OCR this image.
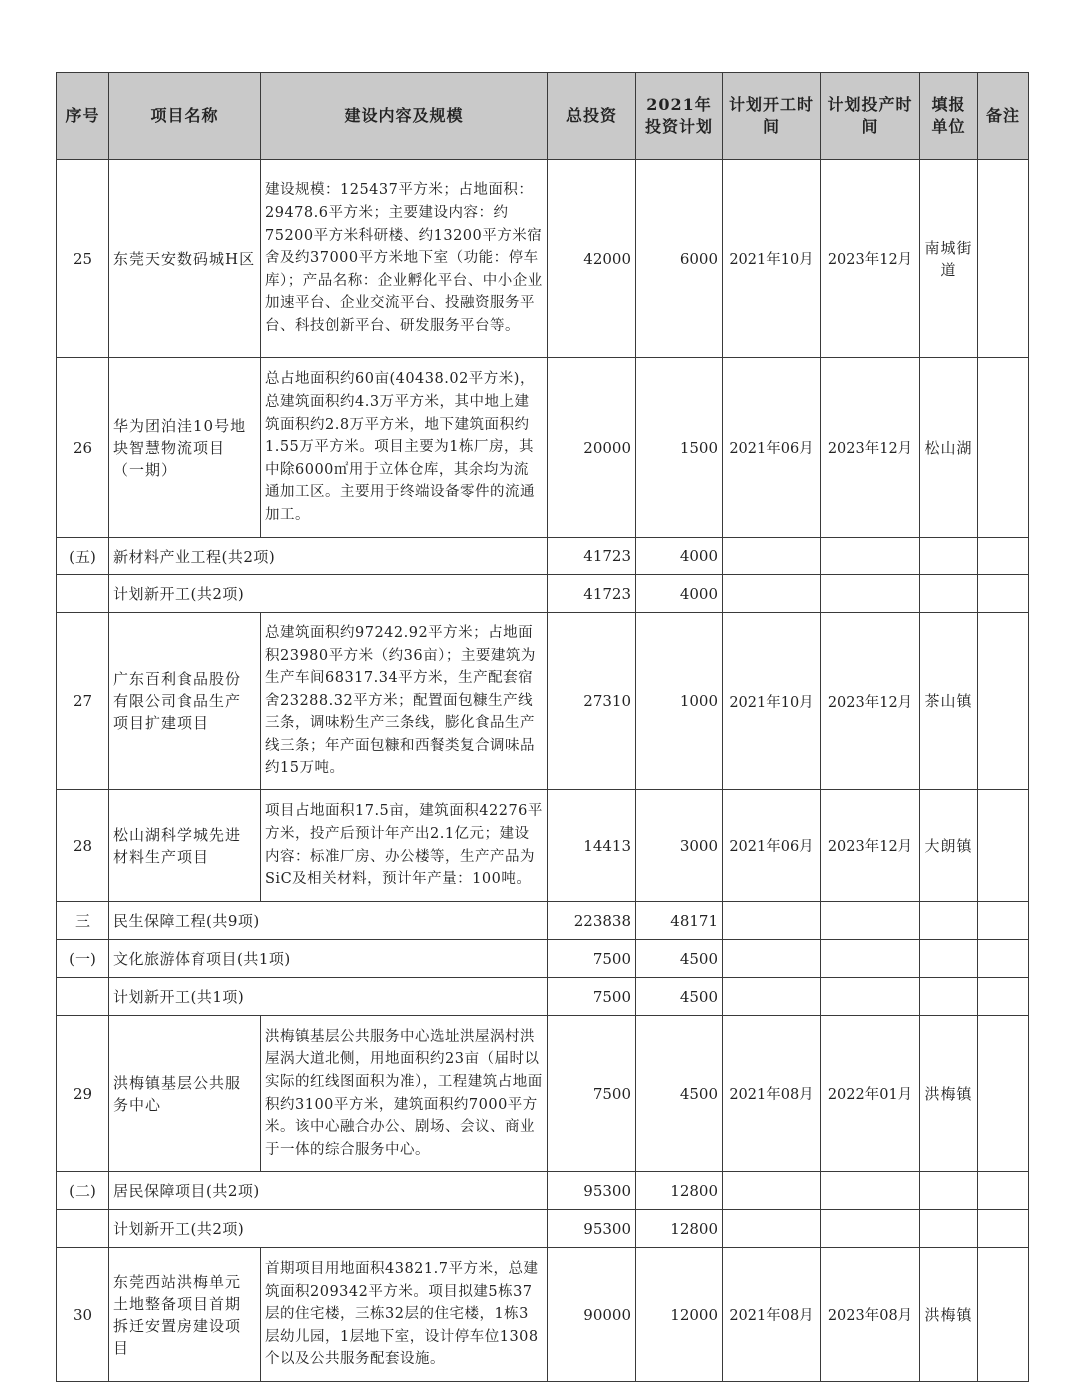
序号	项目名称	建设内容及规模	总投资	2021年投资计划	计划开工时间	计划投产时间	填报单位	备注
25	东莞天安数码城H区	建设规模：125437平方米；占地面积：29478.6平方米；主要建设内容：约75200平方米科研楼、约13200平方米宿舍及约37000平方米地下室（功能：停车库）；产品名称：企业孵化平台、中小企业加速平台、企业交流平台、投融资服务平台、科技创新平台、研发服务平台等。	42000	6000	2021年10月	2023年12月	南城街道	
26	华为团泊洼10号地块智慧物流项目（一期）	总占地面积约60亩(40438.02平方米)，总建筑面积约4.3万平方米，其中地上建筑面积约2.8万平方米，地下建筑面积约1.55万平方米。项目主要为1栋厂房，其中除6000㎡用于立体仓库，其余均为流通加工区。主要用于终端设备零件的流通加工。	20000	1500	2021年06月	2023年12月	松山湖	
(五)	新材料产业工程(共2项)		41723	4000				
	计划新开工(共2项)		41723	4000				
27	广东百利食品股份有限公司食品生产项目扩建项目	总建筑面积约97242.92平方米；占地面积23980平方米（约36亩）；主要建筑为生产车间68317.34平方米，生产配套宿舍23288.32平方米；配置面包糠生产线三条，调味粉生产三条线，膨化食品生产线三条；年产面包糠和西餐类复合调味品约15万吨。	27310	1000	2021年10月	2023年12月	茶山镇	
28	松山湖科学城先进材料生产项目	项目占地面积17.5亩，建筑面积42276平方米，投产后预计年产出2.1亿元；建设内容：标准厂房、办公楼等，生产产品为SiC及相关材料，预计年产量：100吨。	14413	3000	2021年06月	2023年12月	大朗镇	
三	民生保障工程(共9项)		223838	48171				
(一)	文化旅游体育项目(共1项)		7500	4500				
	计划新开工(共1项)		7500	4500				
29	洪梅镇基层公共服务中心	洪梅镇基层公共服务中心选址洪屋涡村洪屋涡大道北侧，用地面积约23亩（届时以实际的红线图面积为准），工程建筑占地面积约3100平方米，建筑面积约7000平方米。该中心融合办公、剧场、会议、商业于一体的综合服务中心。	7500	4500	2021年08月	2022年01月	洪梅镇	
(二)	居民保障项目(共2项)		95300	12800				
	计划新开工(共2项)		95300	12800				
30	东莞西站洪梅单元土地整备项目首期拆迁安置房建设项目	首期项目用地面积43821.7平方米，总建筑面积209342平方米。项目拟建5栋37层的住宅楼，三栋32层的住宅楼，1栋3层幼儿园，1层地下室，设计停车位1308个以及公共服务配套设施。	90000	12000	2021年08月	2023年08月	洪梅镇	
